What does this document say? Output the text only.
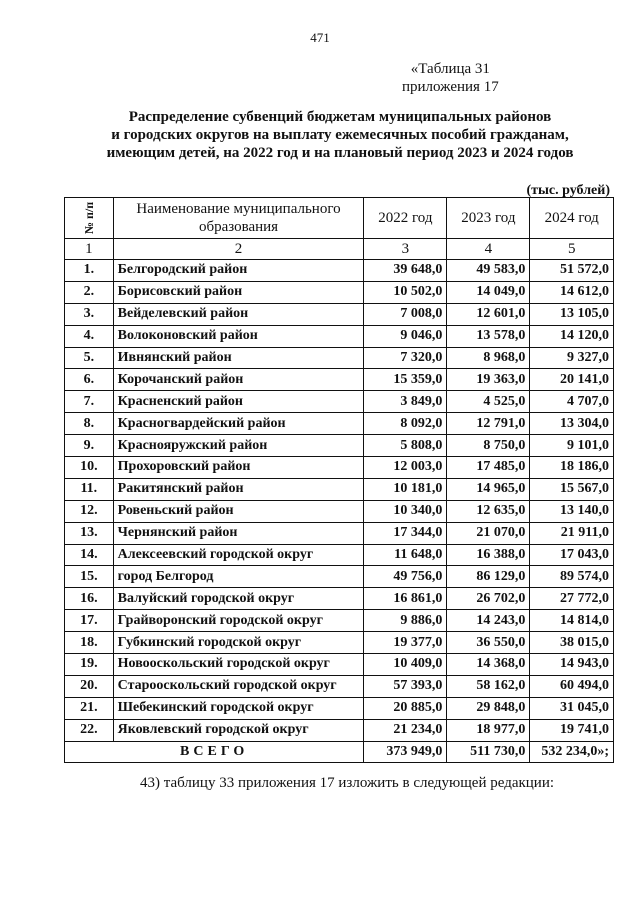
471
«Таблица 31
приложения 17
Распределение субвенций бюджетам муниципальных районов
и городских округов на выплату ежемесячных пособий гражданам,
имеющим детей, на 2022 год и на плановый период 2023 и 2024 годов
(тыс. рублей)
№ п/п	Наименование муниципального образования	2022 год	2023 год	2024 год
1	2	3	4	5
1.	Белгородский район	39 648,0	49 583,0	51 572,0
2.	Борисовский район	10 502,0	14 049,0	14 612,0
3.	Вейделевский район	7 008,0	12 601,0	13 105,0
4.	Волоконовский район	9 046,0	13 578,0	14 120,0
5.	Ивнянский район	7 320,0	8 968,0	9 327,0
6.	Корочанский район	15 359,0	19 363,0	20 141,0
7.	Красненский район	3 849,0	4 525,0	4 707,0
8.	Красногвардейский район	8 092,0	12 791,0	13 304,0
9.	Краснояружский район	5 808,0	8 750,0	9 101,0
10.	Прохоровский район	12 003,0	17 485,0	18 186,0
11.	Ракитянский район	10 181,0	14 965,0	15 567,0
12.	Ровеньский район	10 340,0	12 635,0	13 140,0
13.	Чернянский район	17 344,0	21 070,0	21 911,0
14.	Алексеевский городской округ	11 648,0	16 388,0	17 043,0
15.	город Белгород	49 756,0	86 129,0	89 574,0
16.	Валуйский городской округ	16 861,0	26 702,0	27 772,0
17.	Грайворонский городской округ	9 886,0	14 243,0	14 814,0
18.	Губкинский городской округ	19 377,0	36 550,0	38 015,0
19.	Новооскольский городской округ	10 409,0	14 368,0	14 943,0
20.	Старооскольский городской округ	57 393,0	58 162,0	60 494,0
21.	Шебекинский городской округ	20 885,0	29 848,0	31 045,0
22.	Яковлевский городской округ	21 234,0	18 977,0	19 741,0
ВСЕГО		373 949,0	511 730,0	532 234,0»;
43) таблицу 33 приложения 17 изложить в следующей редакции:
